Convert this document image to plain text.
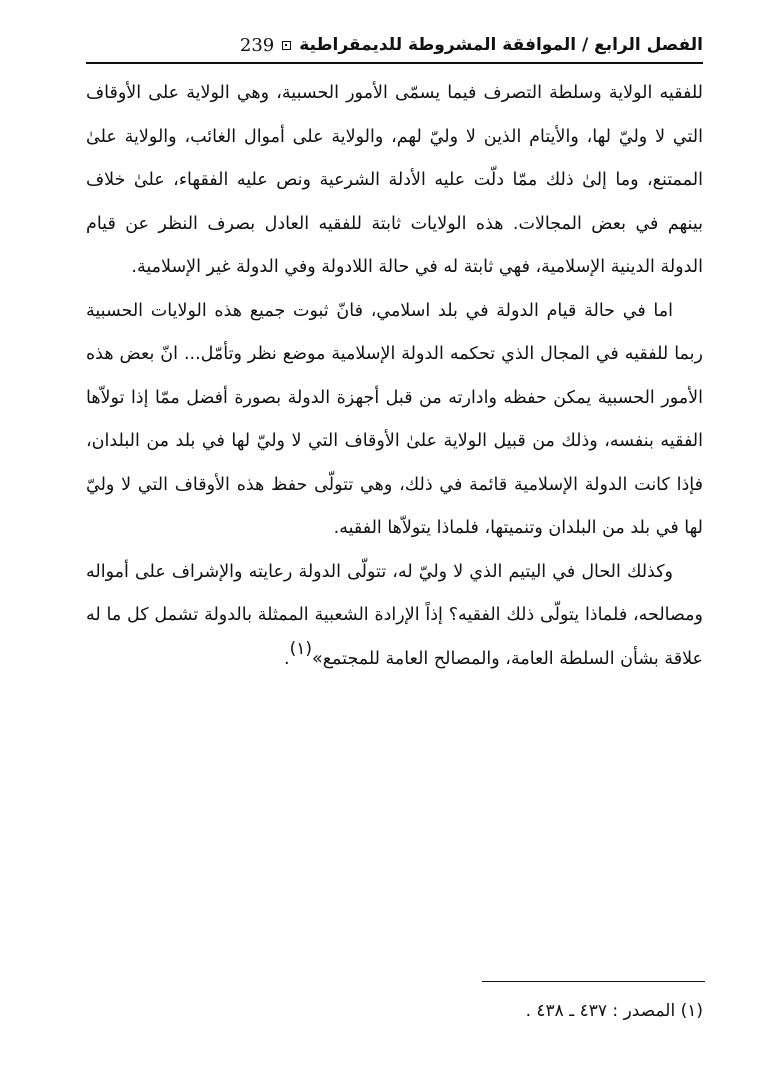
الفصل الرابع / الموافقة المشروطة للديمقراطية
239

للفقيه الولاية وسلطة التصرف فيما يسمّى الأمور الحسبية، وهي الولاية على الأوقاف التي لا وليّ لها، والأيتام الذين لا وليّ لهم، والولاية على أموال الغائب، والولاية علىٰ الممتنع، وما إلىٰ ذلك ممّا دلّت عليه الأدلة الشرعية ونص عليه الفقهاء، علىٰ خلاف بينهم في بعض المجالات. هذه الولايات ثابتة للفقيه العادل بصرف النظر عن قيام الدولة الدينية الإسلامية، فهي ثابتة له في حالة اللادولة وفي الدولة غير الإسلامية.

اما في حالة قيام الدولة في بلد اسلامي، فانّ ثبوت جميع هذه الولايات الحسبية ربما للفقيه في المجال الذي تحكمه الدولة الإسلامية موضع نظر وتأمّل... انّ بعض هذه الأمور الحسبية يمكن حفظه وادارته من قبل أجهزة الدولة بصورة أفضل ممّا إذا تولاّها الفقيه بنفسه، وذلك من قبيل الولاية علىٰ الأوقاف التي لا وليّ لها في بلد من البلدان، فإذا كانت الدولة الإسلامية قائمة في ذلك، وهي تتولّى حفظ هذه الأوقاف التي لا وليّ لها في بلد من البلدان وتنميتها، فلماذا يتولاّها الفقيه.

وكذلك الحال في اليتيم الذي لا وليّ له، تتولّى الدولة رعايته والإشراف على أمواله ومصالحه، فلماذا يتولّى ذلك الفقيه؟ إذاً الإرادة الشعبية الممثلة بالدولة تشمل كل ما له علاقة بشأن السلطة العامة، والمصالح العامة للمجتمع»$^{(١)}$.

(١) المصدر : ٤٣٧ ـ ٤٣٨ .
